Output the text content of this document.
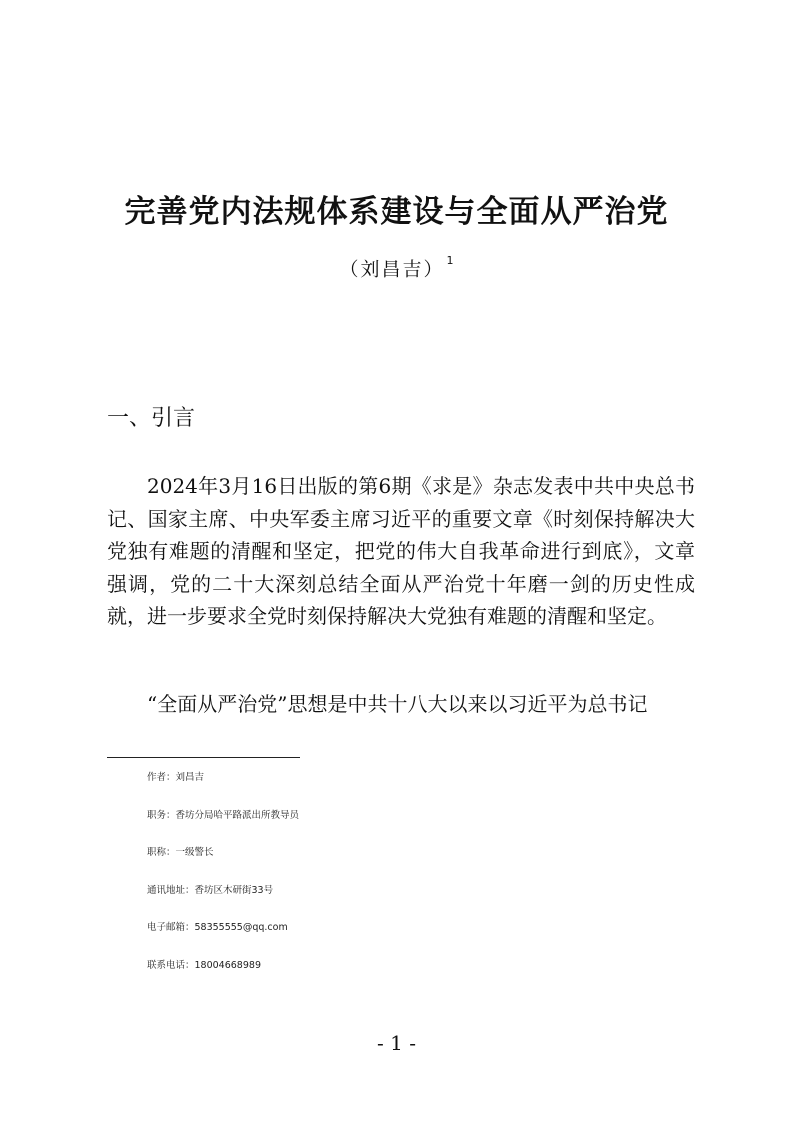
完善党内法规体系建设与全面从严治党
（刘昌吉） $^1$
一、引言
2024年3月16日出版的第6期《求是》杂志发表中共中央总书记、国家主席、中央军委主席习近平的重要文章《时刻保持解决大党独有难题的清醒和坚定，把党的伟大自我革命进行到底》，文章强调，党的二十大深刻总结全面从严治党十年磨一剑的历史性成就，进一步要求全党时刻保持解决大党独有难题的清醒和坚定。
“全面从严治党”思想是中共十八大以来以习近平为总书记
作者：刘昌吉
职务：香坊分局哈平路派出所教导员
职称：一级警长
通讯地址：香坊区木研街33号
电子邮箱：58355555@qq.com
联系电话：18004668989
- 1 -
